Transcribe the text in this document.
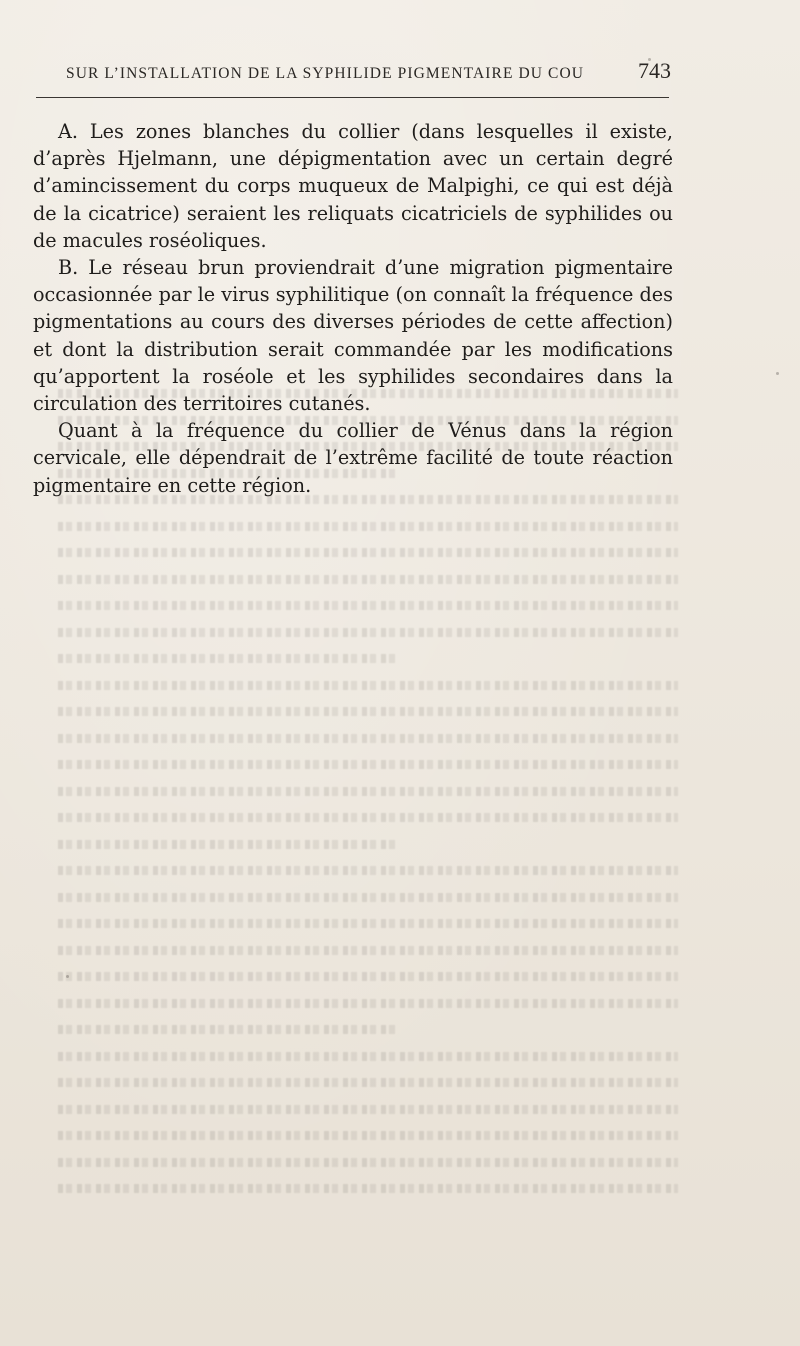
SUR L’INSTALLATION DE LA SYPHILIDE PIGMENTAIRE DU COU 743

A. Les zones blanches du collier (dans lesquelles il existe, d’après Hjelmann, une dépigmentation avec un certain degré d’amincissement du corps muqueux de Malpighi, ce qui est déjà de la cicatrice) seraient les reliquats cicatriciels de syphilides ou de macules roséoliques.

B. Le réseau brun proviendrait d’une migration pigmentaire occasionnée par le virus syphilitique (on connaît la fréquence des pigmentations au cours des diverses périodes de cette affection) et dont la distribution serait commandée par les modifications qu’apportent la roséole et les syphilides secondaires dans la circulation des territoires cutanés.

Quant à la fréquence du collier de Vénus dans la région cervicale, elle dépendrait de l’extrême facilité de toute réaction pigmentaire en cette région.
